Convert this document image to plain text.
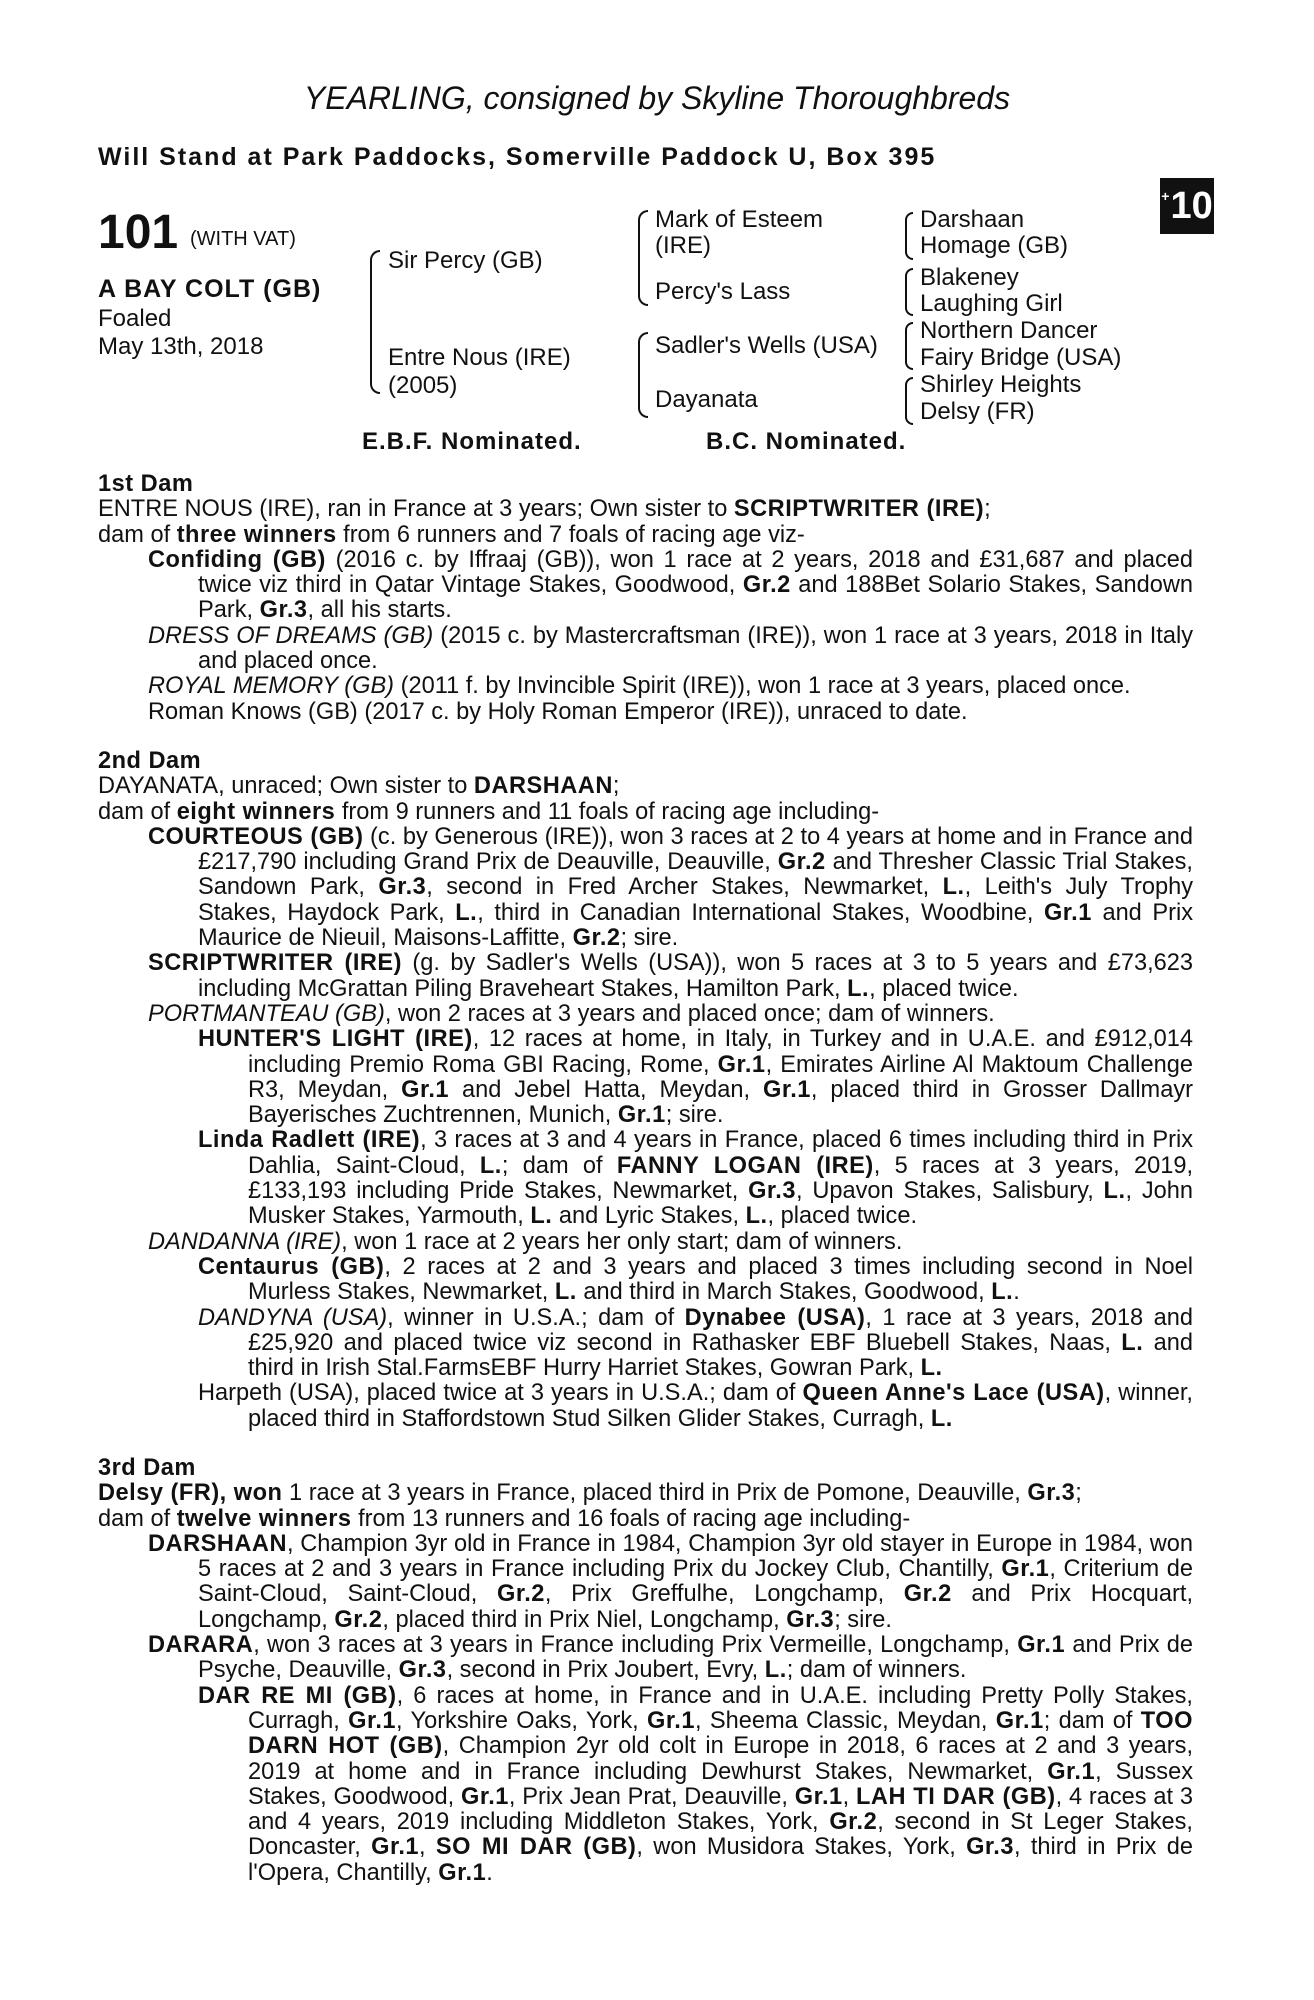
YEARLING, consigned by Skyline Thoroughbreds
Will Stand at Park Paddocks, Somerville Paddock U, Box 395
+ 10
101 (WITH VAT)
A BAY COLT (GB)
Foaled
May 13th, 2018
Sir Percy (GB)
Entre Nous (IRE)
(2005)
Mark of Esteem
(IRE)
Percy's Lass
Sadler's Wells (USA)
Dayanata
Darshaan
Homage (GB)
Blakeney
Laughing Girl
Northern Dancer
Fairy Bridge (USA)
Shirley Heights
Delsy (FR)
E.B.F. Nominated.	B.C. Nominated.
1st Dam

ENTRE NOUS (IRE), ran in France at 3 years; Own sister to SCRIPTWRITER (IRE);

dam of three winners from 6 runners and 7 foals of racing age viz-

Confiding (GB) (2016 c. by Iffraaj (GB)), won 1 race at 2 years, 2018 and £31,687 and placed twice viz third in Qatar Vintage Stakes, Goodwood, Gr.2 and 188Bet Solario Stakes, Sandown Park, Gr.3, all his starts.

DRESS OF DREAMS (GB) (2015 c. by Mastercraftsman (IRE)), won 1 race at 3 years, 2018 in Italy and placed once.

ROYAL MEMORY (GB) (2011 f. by Invincible Spirit (IRE)), won 1 race at 3 years, placed once.

Roman Knows (GB) (2017 c. by Holy Roman Emperor (IRE)), unraced to date.

2nd Dam

DAYANATA, unraced; Own sister to DARSHAAN;

dam of eight winners from 9 runners and 11 foals of racing age including-

COURTEOUS (GB) (c. by Generous (IRE)), won 3 races at 2 to 4 years at home and in France and £217,790 including Grand Prix de Deauville, Deauville, Gr.2 and Thresher Classic Trial Stakes, Sandown Park, Gr.3, second in Fred Archer Stakes, Newmarket, L., Leith's July Trophy Stakes, Haydock Park, L., third in Canadian International Stakes, Woodbine, Gr.1 and Prix Maurice de Nieuil, Maisons-Laffitte, Gr.2; sire.

SCRIPTWRITER (IRE) (g. by Sadler's Wells (USA)), won 5 races at 3 to 5 years and £73,623 including McGrattan Piling Braveheart Stakes, Hamilton Park, L., placed twice.

PORTMANTEAU (GB), won 2 races at 3 years and placed once; dam of winners.

HUNTER'S LIGHT (IRE), 12 races at home, in Italy, in Turkey and in U.A.E. and £912,014 including Premio Roma GBI Racing, Rome, Gr.1, Emirates Airline Al Maktoum Challenge R3, Meydan, Gr.1 and Jebel Hatta, Meydan, Gr.1, placed third in Grosser Dallmayr Bayerisches Zuchtrennen, Munich, Gr.1; sire.

Linda Radlett (IRE), 3 races at 3 and 4 years in France, placed 6 times including third in Prix Dahlia, Saint-Cloud, L.; dam of FANNY LOGAN (IRE), 5 races at 3 years, 2019, £133,193 including Pride Stakes, Newmarket, Gr.3, Upavon Stakes, Salisbury, L., John Musker Stakes, Yarmouth, L. and Lyric Stakes, L., placed twice.

DANDANNA (IRE), won 1 race at 2 years her only start; dam of winners.

Centaurus (GB), 2 races at 2 and 3 years and placed 3 times including second in Noel Murless Stakes, Newmarket, L. and third in March Stakes, Goodwood, L..

DANDYNA (USA), winner in U.S.A.; dam of Dynabee (USA), 1 race at 3 years, 2018 and £25,920 and placed twice viz second in Rathasker EBF Bluebell Stakes, Naas, L. and third in Irish Stal.FarmsEBF Hurry Harriet Stakes, Gowran Park, L.

Harpeth (USA), placed twice at 3 years in U.S.A.; dam of Queen Anne's Lace (USA), winner, placed third in Staffordstown Stud Silken Glider Stakes, Curragh, L.

3rd Dam

Delsy (FR), won 1 race at 3 years in France, placed third in Prix de Pomone, Deauville, Gr.3;

dam of twelve winners from 13 runners and 16 foals of racing age including-

DARSHAAN, Champion 3yr old in France in 1984, Champion 3yr old stayer in Europe in 1984, won 5 races at 2 and 3 years in France including Prix du Jockey Club, Chantilly, Gr.1, Criterium de Saint-Cloud, Saint-Cloud, Gr.2, Prix Greffulhe, Longchamp, Gr.2 and Prix Hocquart, Longchamp, Gr.2, placed third in Prix Niel, Longchamp, Gr.3; sire.

DARARA, won 3 races at 3 years in France including Prix Vermeille, Longchamp, Gr.1 and Prix de Psyche, Deauville, Gr.3, second in Prix Joubert, Evry, L.; dam of winners.

DAR RE MI (GB), 6 races at home, in France and in U.A.E. including Pretty Polly Stakes, Curragh, Gr.1, Yorkshire Oaks, York, Gr.1, Sheema Classic, Meydan, Gr.1; dam of TOO DARN HOT (GB), Champion 2yr old colt in Europe in 2018, 6 races at 2 and 3 years, 2019 at home and in France including Dewhurst Stakes, Newmarket, Gr.1, Sussex Stakes, Goodwood, Gr.1, Prix Jean Prat, Deauville, Gr.1, LAH TI DAR (GB), 4 races at 3 and 4 years, 2019 including Middleton Stakes, York, Gr.2, second in St Leger Stakes, Doncaster, Gr.1, SO MI DAR (GB), won Musidora Stakes, York, Gr.3, third in Prix de l'Opera, Chantilly, Gr.1.
